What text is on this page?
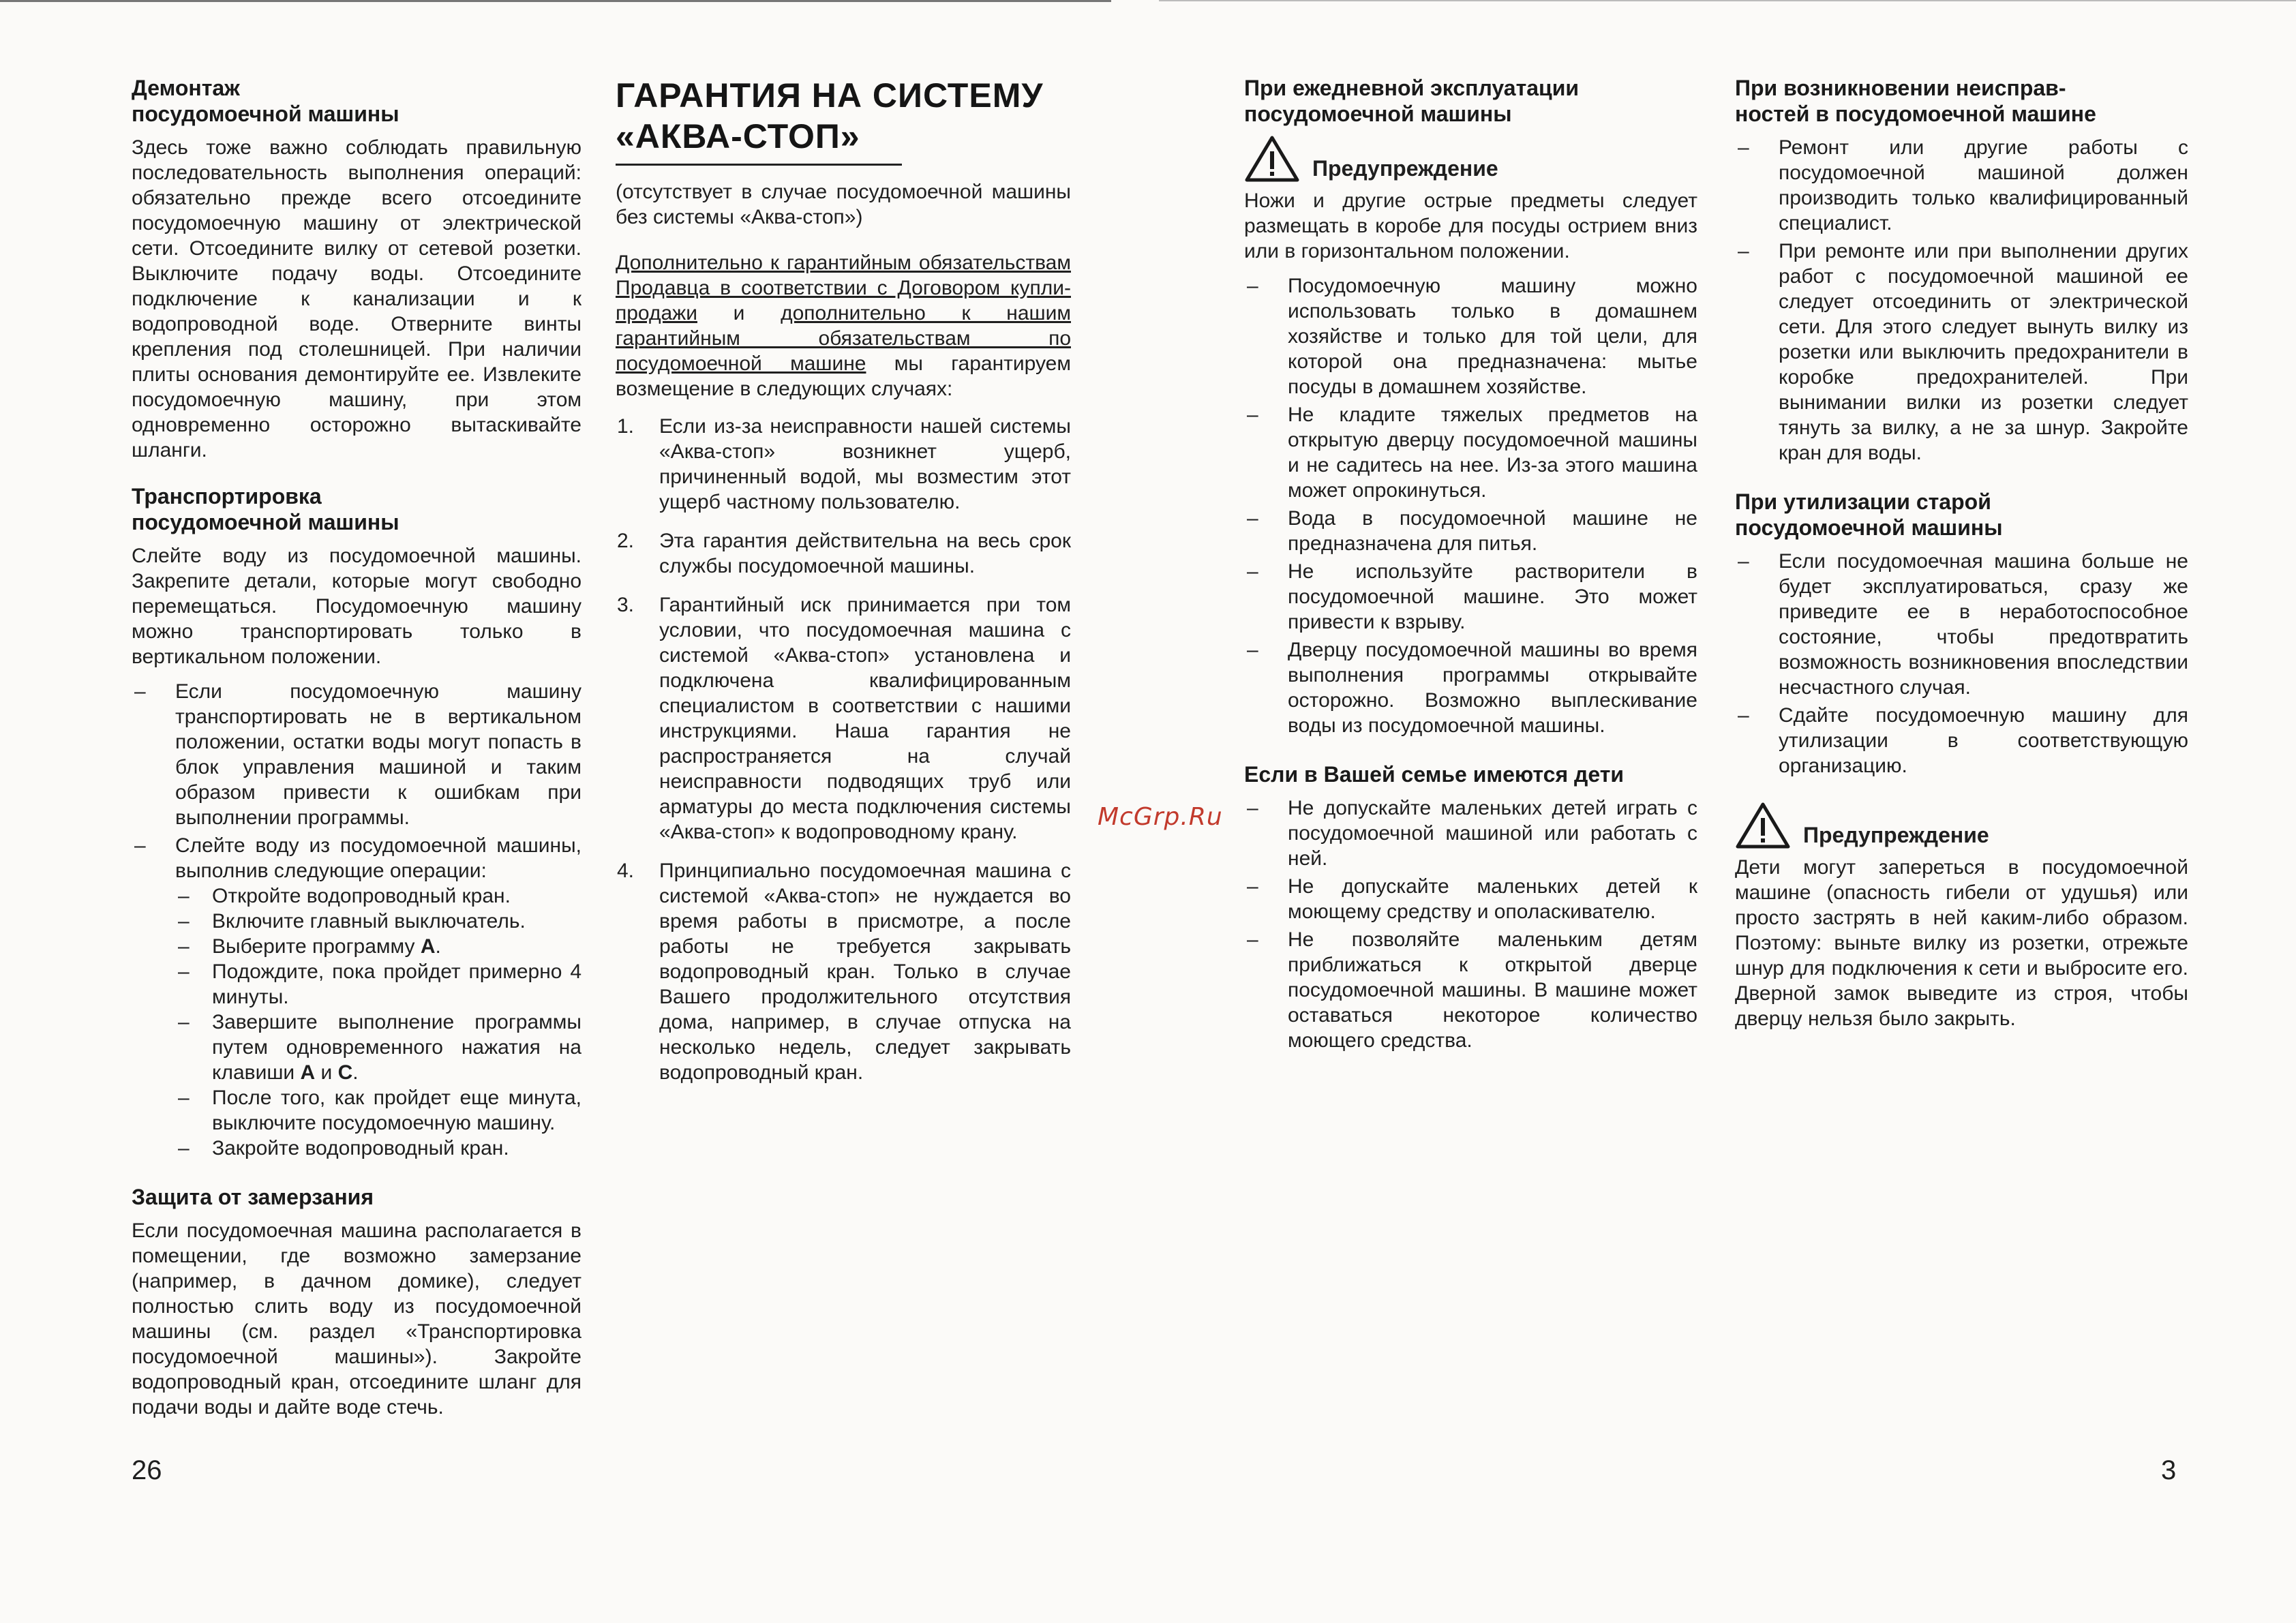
Демонтаж
посудомоечной машины

Здесь тоже важно соблюдать правильную последовательность выполнения операций: обязательно прежде всего отсоедините посудомоечную машину от электрической сети. Отсоедините вилку от сетевой розетки. Выключите подачу воды. Отсоедините подключение к канализации и к водопроводной воде. Отверните винты крепления под столешницей. При наличии плиты основания демонтируйте ее. Извлеките посудомоечную машину, при этом одновременно осторожно вытаскивайте шланги.

Транспортировка
посудомоечной машины

Слейте воду из посудомоечной машины. Закрепите детали, которые могут свободно перемещаться. Посудомоечную машину можно транспортировать только в вертикальном положении.

– Если посудомоечную машину транспортировать не в вертикальном положении, остатки воды могут попасть в блок управления машиной и таким образом привести к ошибкам при выполнении программы.
– Слейте воду из посудомоечной машины, выполнив следующие операции:
– Откройте водопроводный кран.
– Включите главный выключатель.
– Выберите программу A.
– Подождите, пока пройдет примерно 4 минуты.
– Завершите выполнение программы путем одновременного нажатия на клавиши A и C.
– После того, как пройдет еще минута, выключите посудомоечную машину.
– Закройте водопроводный кран.
Защита от замерзания

Если посудомоечная машина располагается в помещении, где возможно замерзание (например, в дачном домике), следует полностью слить воду из посудомоечной машины (см. раздел «Транспортировка посудомоечной машины»). Закройте водопроводный кран, отсоедините шланг для подачи воды и дайте воде стечь.

ГАРАНТИЯ НА СИСТЕМУ
«АКВА-СТОП»

(отсутствует в случае посудомоечной машины без системы «Аква-стоп»)

Дополнительно к гарантийным обязательствам Продавца в соответствии с Договором купли-продажи и дополнительно к нашим гарантийным обязательствам по посудомоечной машине мы гарантируем возмещение в следующих случаях:

1. Если из-за неисправности нашей системы «Аква-стоп» возникнет ущерб, причиненный водой, мы возместим этот ущерб частному пользователю.
2. Эта гарантия действительна на весь срок службы посудомоечной машины.
3. Гарантийный иск принимается при том условии, что посудомоечная машина с системой «Аква-стоп» установлена и подключена квалифицированным специалистом в соответствии с нашими инструкциями. Наша гарантия не распространяется на случай неисправности подводящих труб или арматуры до места подключения системы «Аква-стоп» к водопроводному крану.
4. Принципиально посудомоечная машина с системой «Аква-стоп» не нуждается во время работы в присмотре, а после работы не требуется закрывать водопроводный кран. Только в случае Вашего продолжительного отсутствия дома, например, в случае отпуска на несколько недель, следует закрывать водопроводный кран.
При ежедневной эксплуатации
посудомоечной машины
Предупреждение

Ножи и другие острые предметы следует размещать в коробе для посуды острием вниз или в горизонтальном положении.

– Посудомоечную машину можно использовать только в домашнем хозяйстве и только для той цели, для которой она предназначена: мытье посуды в домашнем хозяйстве.
– Не кладите тяжелых предметов на открытую дверцу посудомоечной машины и не садитесь на нее. Из-за этого машина может опрокинуться.
– Вода в посудомоечной машине не предназначена для питья.
– Не используйте растворители в посудомоечной машине. Это может привести к взрыву.
– Дверцу посудомоечной машины во время выполнения программы открывайте осторожно. Возможно выплескивание воды из посудомоечной машины.
Если в Вашей семье имеются дети
– Не допускайте маленьких детей играть с посудомоечной машиной или работать с ней.
– Не допускайте маленьких детей к моющему средству и ополаскивателю.
– Не позволяйте маленьким детям приближаться к открытой дверце посудомоечной машины. В машине может оставаться некоторое количество моющего средства.
При возникновении неисправ-
ностей в посудомоечной машине
– Ремонт или другие работы с посудомоечной машиной должен производить только квалифицированный специалист.
– При ремонте или при выполнении других работ с посудомоечной машиной ее следует отсоединить от электрической сети. Для этого следует вынуть вилку из розетки или выключить предохранители в коробке предохранителей. При вынимании вилки из розетки следует тянуть за вилку, а не за шнур. Закройте кран для воды.
При утилизации старой
посудомоечной машины
– Если посудомоечная машина больше не будет эксплуатироваться, сразу же приведите ее в неработоспособное состояние, чтобы предотвратить возможность возникновения впоследствии несчастного случая.
– Сдайте посудомоечную машину для утилизации в соответствующую организацию.
Предупреждение

Дети могут запереться в посудомоечной машине (опасность гибели от удушья) или просто застрять в ней каким-либо образом. Поэтому: выньте вилку из розетки, отрежьте шнур для подключения к сети и выбросите его. Дверной замок выведите из строя, чтобы дверцу нельзя было закрыть.

McGrp.Ru
26	3
